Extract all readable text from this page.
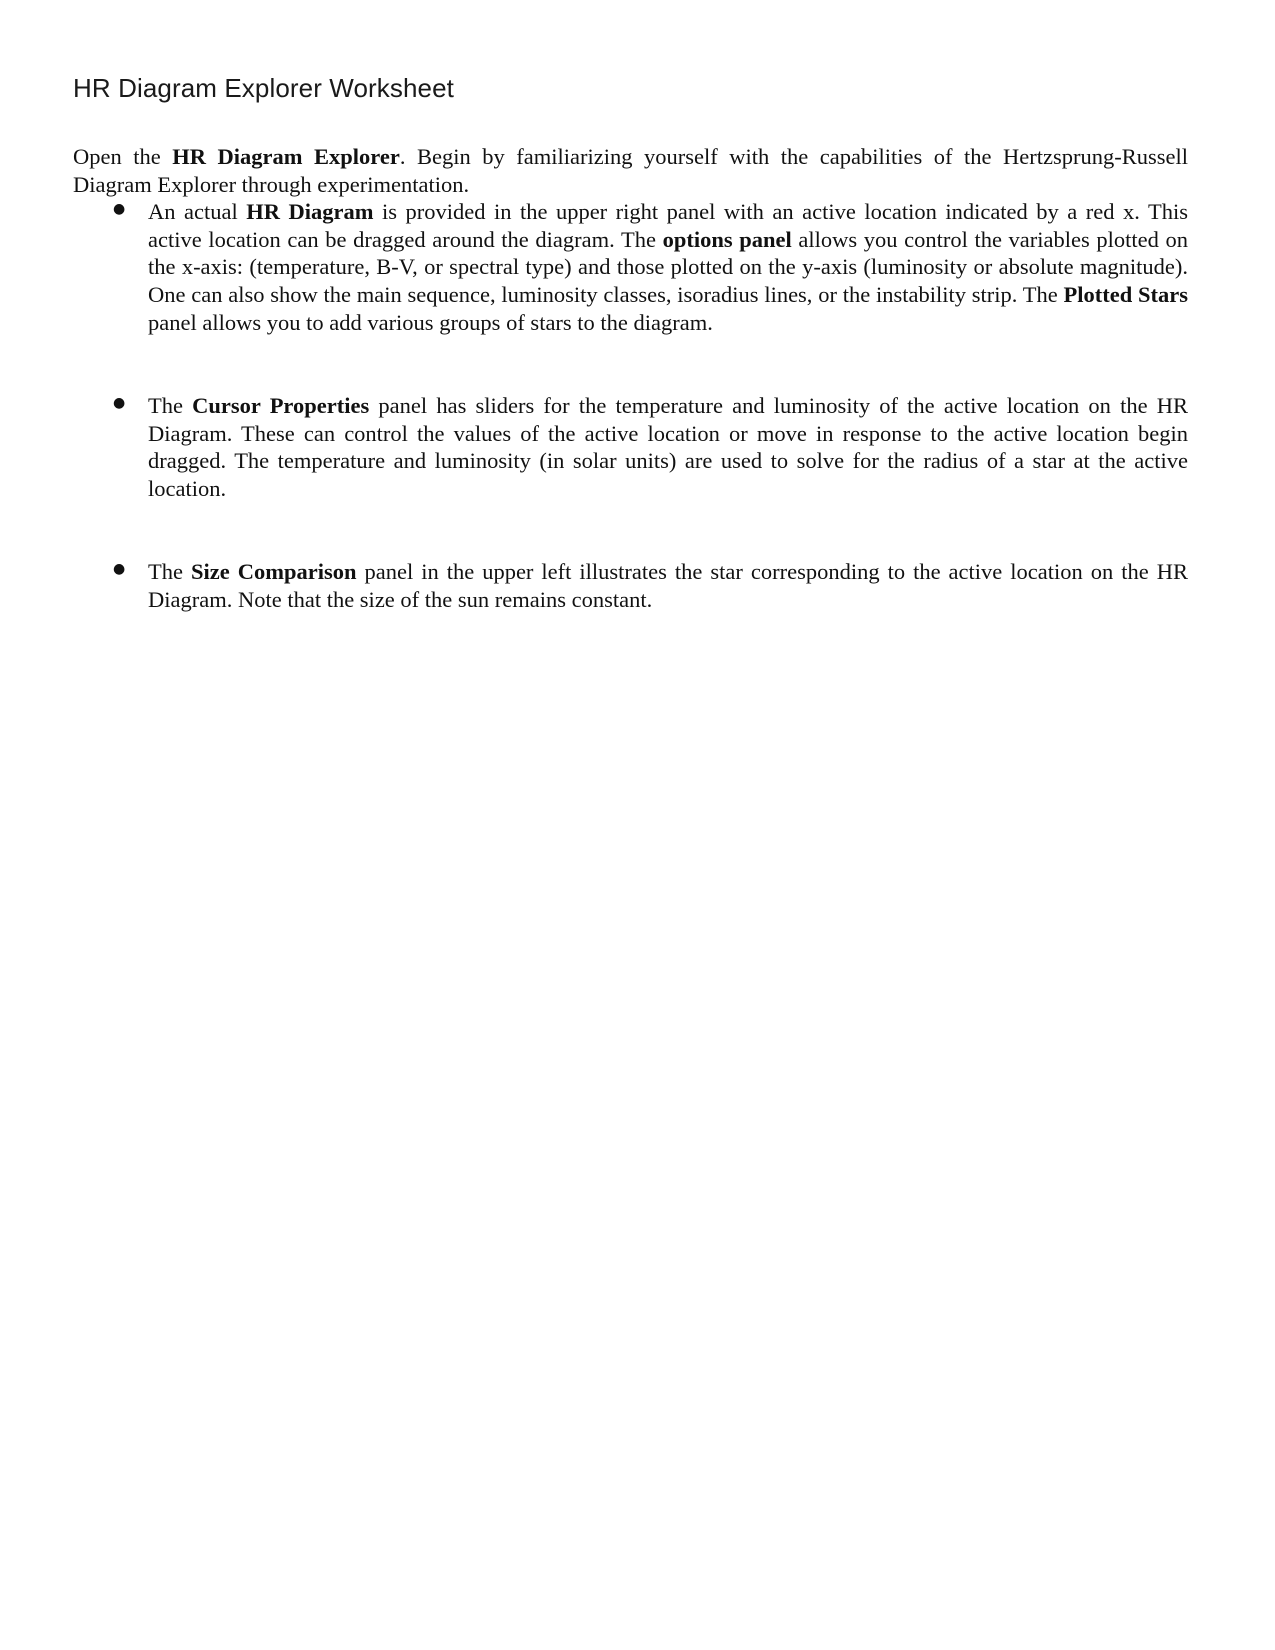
HR Diagram Explorer Worksheet

Open the HR Diagram Explorer. Begin by familiarizing yourself with the capabilities of the Hertzsprung-Russell Diagram Explorer through experimentation.

● An actual HR Diagram is provided in the upper right panel with an active location indicated by a red x. This active location can be dragged around the diagram. The options panel allows you control the variables plotted on the x-axis: (temperature, B-V, or spectral type) and those plotted on the y-axis (luminosity or absolute magnitude). One can also show the main sequence, luminosity classes, isoradius lines, or the instability strip. The Plotted Stars panel allows you to add various groups of stars to the diagram.

● The Cursor Properties panel has sliders for the temperature and luminosity of the active location on the HR Diagram. These can control the values of the active location or move in response to the active location begin dragged. The temperature and luminosity (in solar units) are used to solve for the radius of a star at the active location.

● The Size Comparison panel in the upper left illustrates the star corresponding to the active location on the HR Diagram. Note that the size of the sun remains constant.
